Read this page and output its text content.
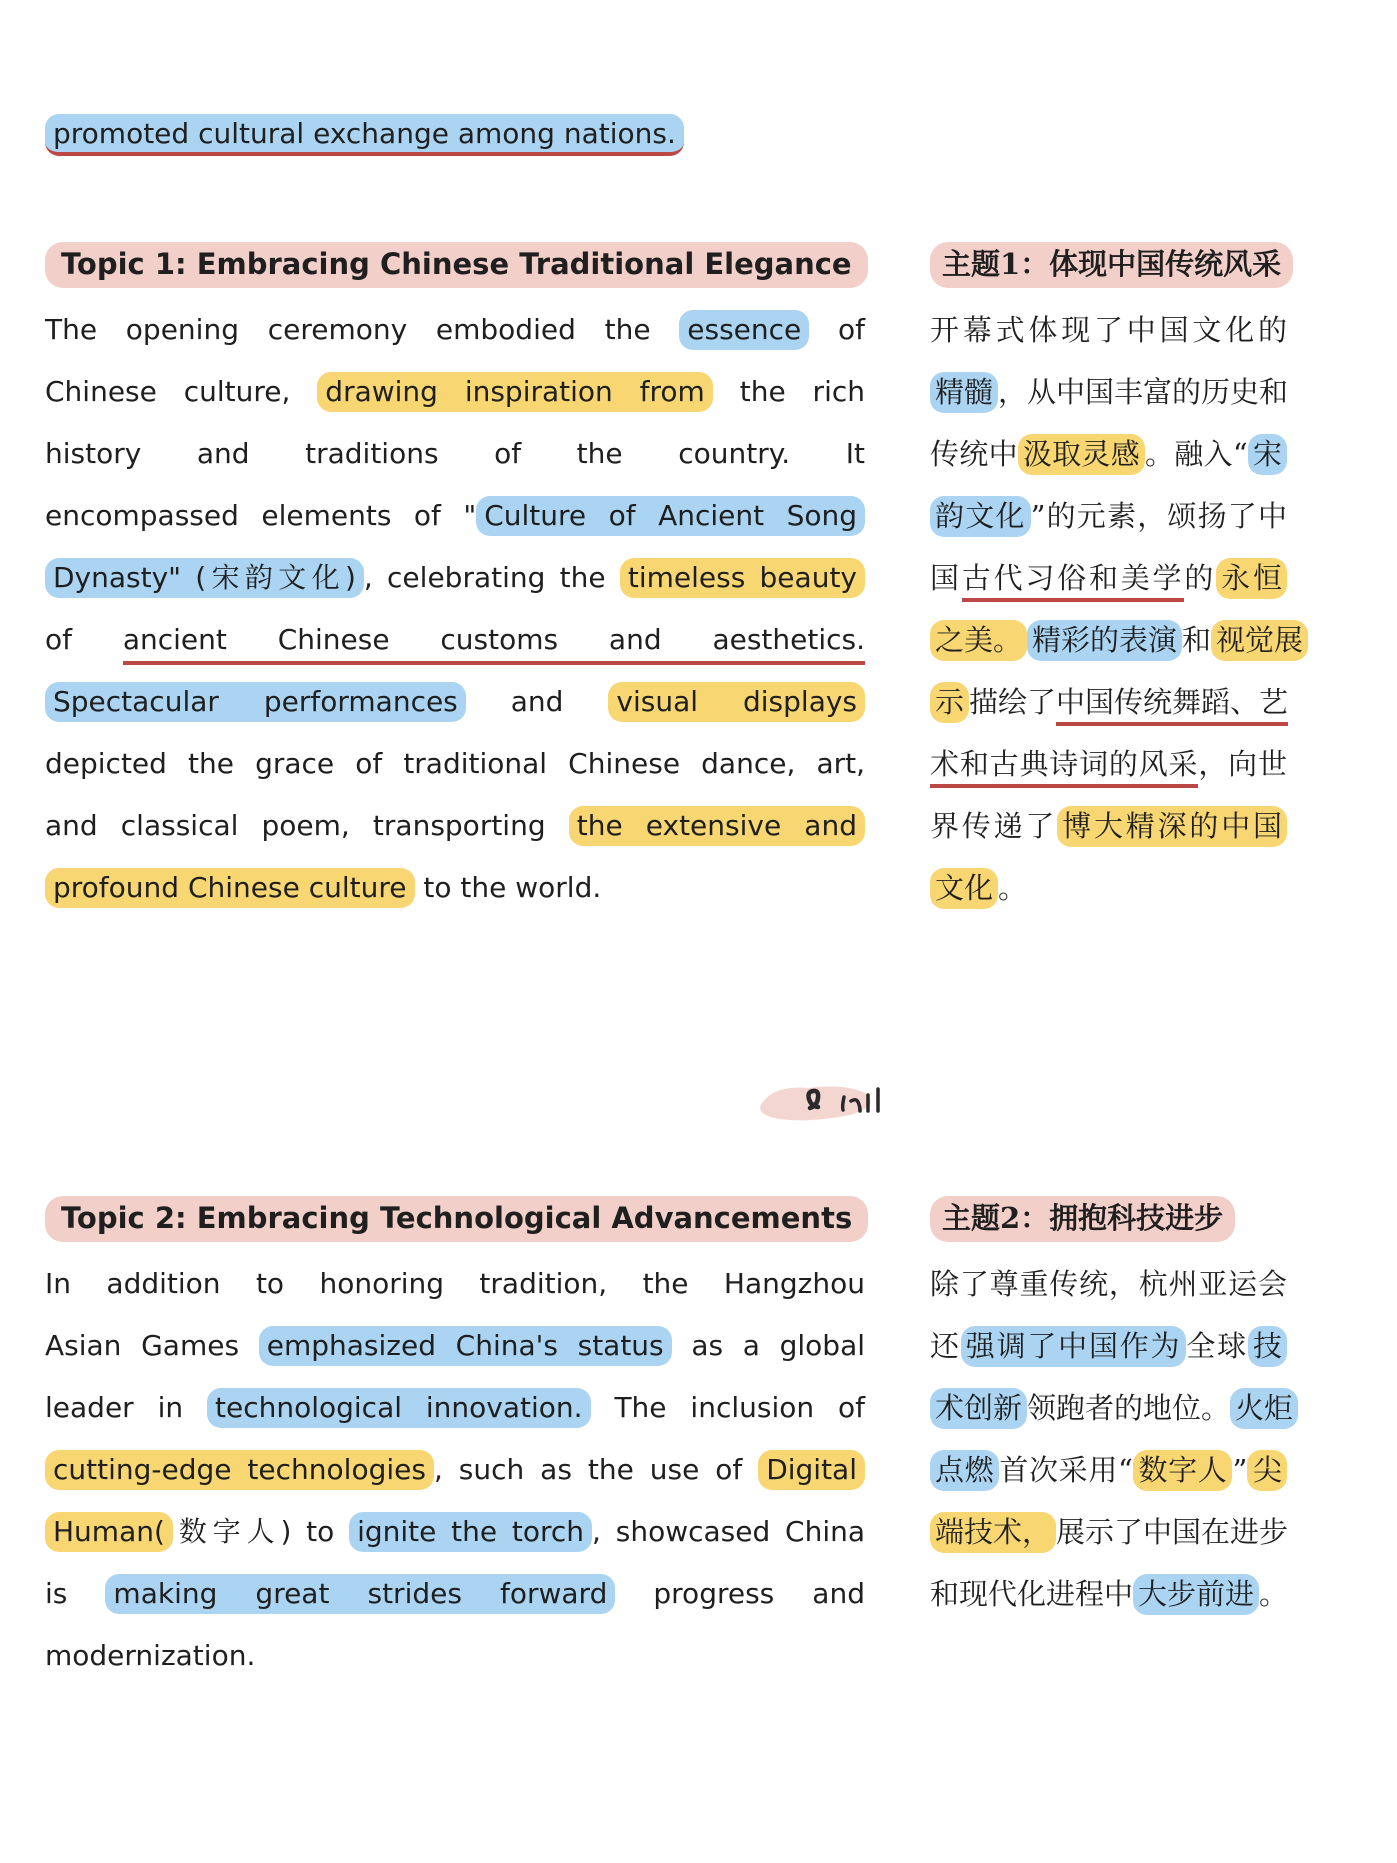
promoted cultural exchange among nations.
Topic 1: Embracing Chinese Traditional Elegance
The opening ceremony embodied the essence of
Chinese culture, drawing inspiration from the rich
history and traditions of the country. It
encompassed elements of " Culture of Ancient Song
Dynasty" (宋韵文化) , celebrating the timeless beauty
of ancient Chinese customs and aesthetics.
Spectacular performances and visual displays
depicted the grace of traditional Chinese dance, art,
and classical poem, transporting the extensive and
profound Chinese culture to the world.
主题1：体现中国传统风采
开幕式体现了中国文化的
精髓 ，从中国丰富的历史和
传统中 汲取灵感 。融入“ 宋
韵文化 ”的元素，颂扬了中
国古代习俗和美学的 永恒
之美。 精彩的表演 和 视觉展
示 描绘了中国传统舞蹈、艺
术和古典诗词的风采，向世
界传递了 博大精深的中国
文化 。
Topic 2: Embracing Technological Advancements
In addition to honoring tradition, the Hangzhou
Asian Games emphasized China's status as a global
leader in technological innovation. The inclusion of
cutting-edge technologies , such as the use of Digital
Human( 数字人) to ignite the torch , showcased China
is making great strides forward progress and
modernization.
主题2：拥抱科技进步
除了尊重传统，杭州亚运会
还 强调了中国作为 全球 技
术创新 领跑者的地位。 火炬
点燃 首次采用“ 数字人 ” 尖
端技术， 展示了中国在进步
和现代化进程中 大步前进 。
